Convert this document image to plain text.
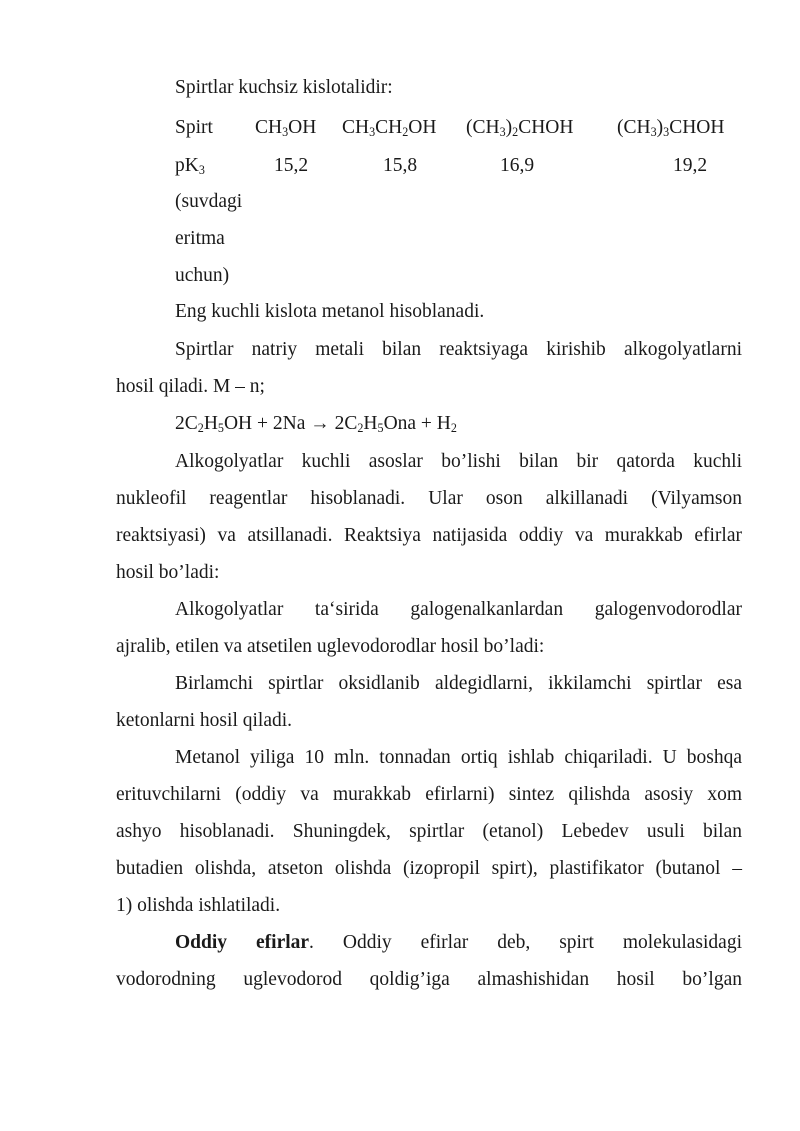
Spirtlar kuchsiz kislotalidir:
Spirt $CH_3OH$ $CH_3CH_2OH$ $(CH_3)_2CHOH$ $(CH_3)_3CHOH$
$pK_3$	15,2	15,8	16,9	19,2
(suvdagi
eritma
uchun)
Eng kuchli kislota metanol hisoblanadi.
Spirtlar natriy metali bilan reaktsiyaga kirishib alkogolyatlarni
hosil qiladi. M – n;
$2C_2H_5OH + 2Na \to 2C_2H_5Ona + H_2$
Alkogolyatlar kuchli asoslar bo’lishi bilan bir qatorda kuchli
nukleofil reagentlar hisoblanadi. Ular oson alkillanadi (Vilyamson
reaktsiyasi) va atsillanadi. Reaktsiya natijasida oddiy va murakkab efirlar
hosil bo’ladi:
Alkogolyatlar ta‘sirida galogenalkanlardan galogenvodorodlar
ajralib, etilen va atsetilen uglevodorodlar hosil bo’ladi:
Birlamchi spirtlar oksidlanib aldegidlarni, ikkilamchi spirtlar esa
ketonlarni hosil qiladi.
Metanol yiliga 10 mln. tonnadan ortiq ishlab chiqariladi. U boshqa
erituvchilarni (oddiy va murakkab efirlarni) sintez qilishda asosiy xom
ashyo hisoblanadi. Shuningdek, spirtlar (etanol) Lebedev usuli bilan
butadien olishda, atseton olishda (izopropil spirt), plastifikator (butanol –
1) olishda ishlatiladi.
Oddiy efirlar. Oddiy efirlar deb, spirt molekulasidagi
vodorodning uglevodorod qoldig’iga almashishidan hosil bo’lgan
